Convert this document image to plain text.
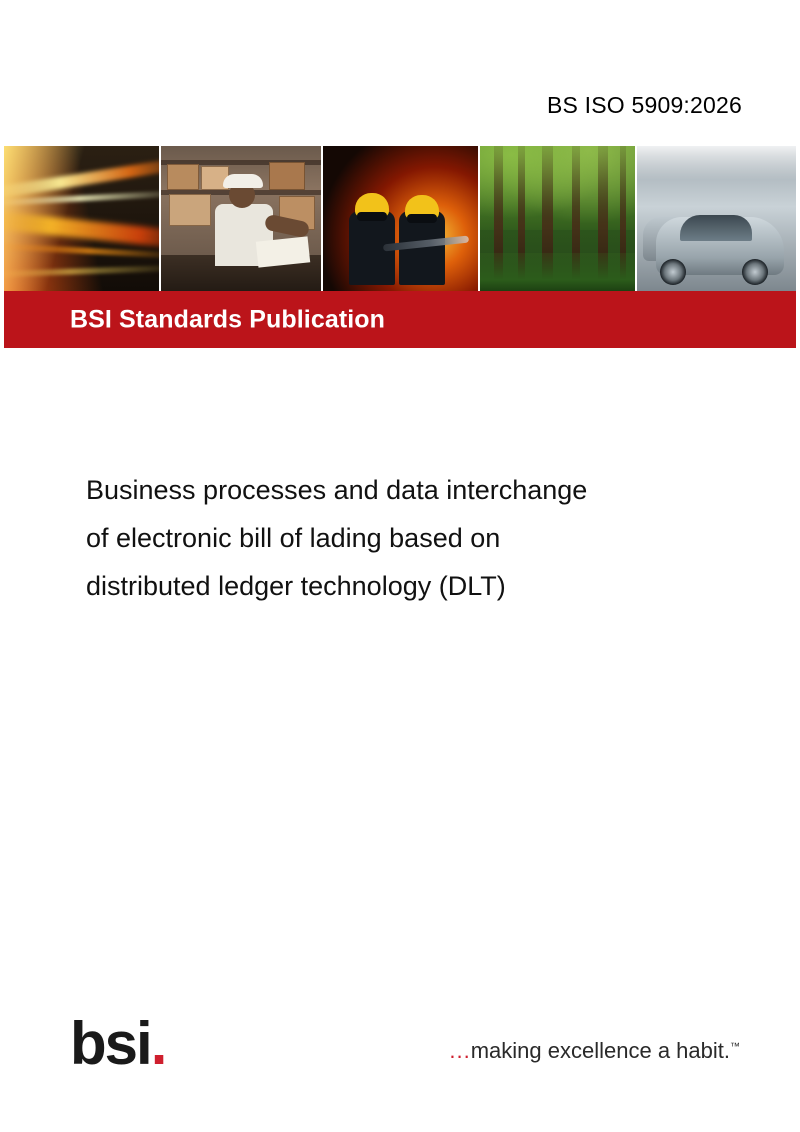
BS ISO 5909:2026
BSI Standards Publication
Business processes and data interchange
of electronic bill of lading based on
distributed ledger technology (DLT)
bsi.	...making excellence a habit.™
